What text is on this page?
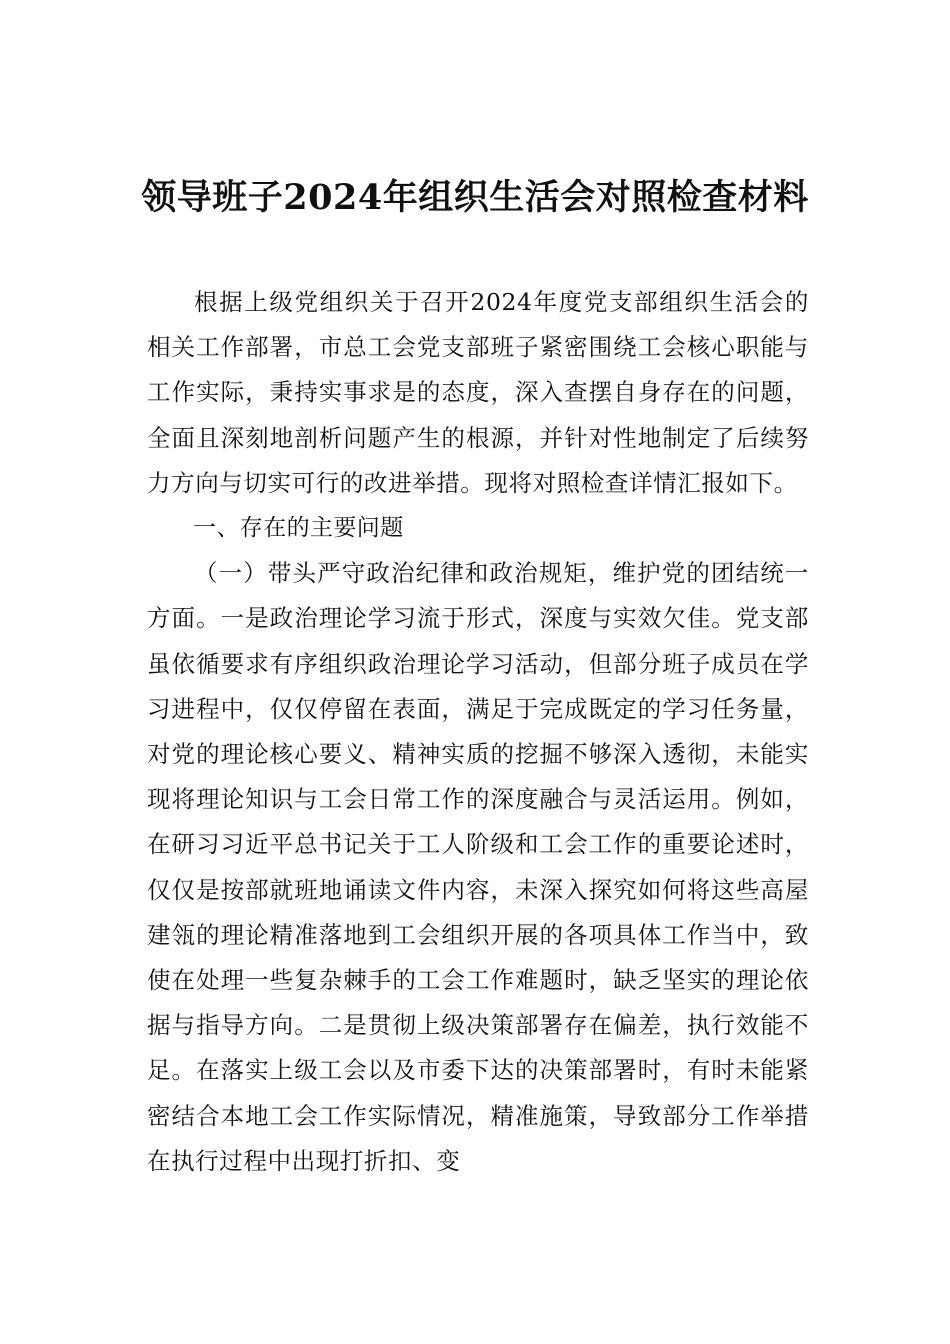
领导班子2024年组织生活会对照检查材料

根据上级党组织关于召开2024年度党支部组织生活会的相关工作部署，市总工会党支部班子紧密围绕工会核心职能与工作实际，秉持实事求是的态度，深入查摆自身存在的问题，全面且深刻地剖析问题产生的根源，并针对性地制定了后续努力方向与切实可行的改进举措。现将对照检查详情汇报如下。

一、存在的主要问题

（一）带头严守政治纪律和政治规矩，维护党的团结统一方面。一是政治理论学习流于形式，深度与实效欠佳。党支部虽依循要求有序组织政治理论学习活动，但部分班子成员在学习进程中，仅仅停留在表面，满足于完成既定的学习任务量，对党的理论核心要义、精神实质的挖掘不够深入透彻，未能实现将理论知识与工会日常工作的深度融合与灵活运用。例如，在研习习近平总书记关于工人阶级和工会工作的重要论述时，仅仅是按部就班地诵读文件内容，未深入探究如何将这些高屋建瓴的理论精准落地到工会组织开展的各项具体工作当中，致使在处理一些复杂棘手的工会工作难题时，缺乏坚实的理论依据与指导方向。二是贯彻上级决策部署存在偏差，执行效能不足。在落实上级工会以及市委下达的决策部署时，有时未能紧密结合本地工会工作实际情况，精准施策，导致部分工作举措在执行过程中出现打折扣、变
